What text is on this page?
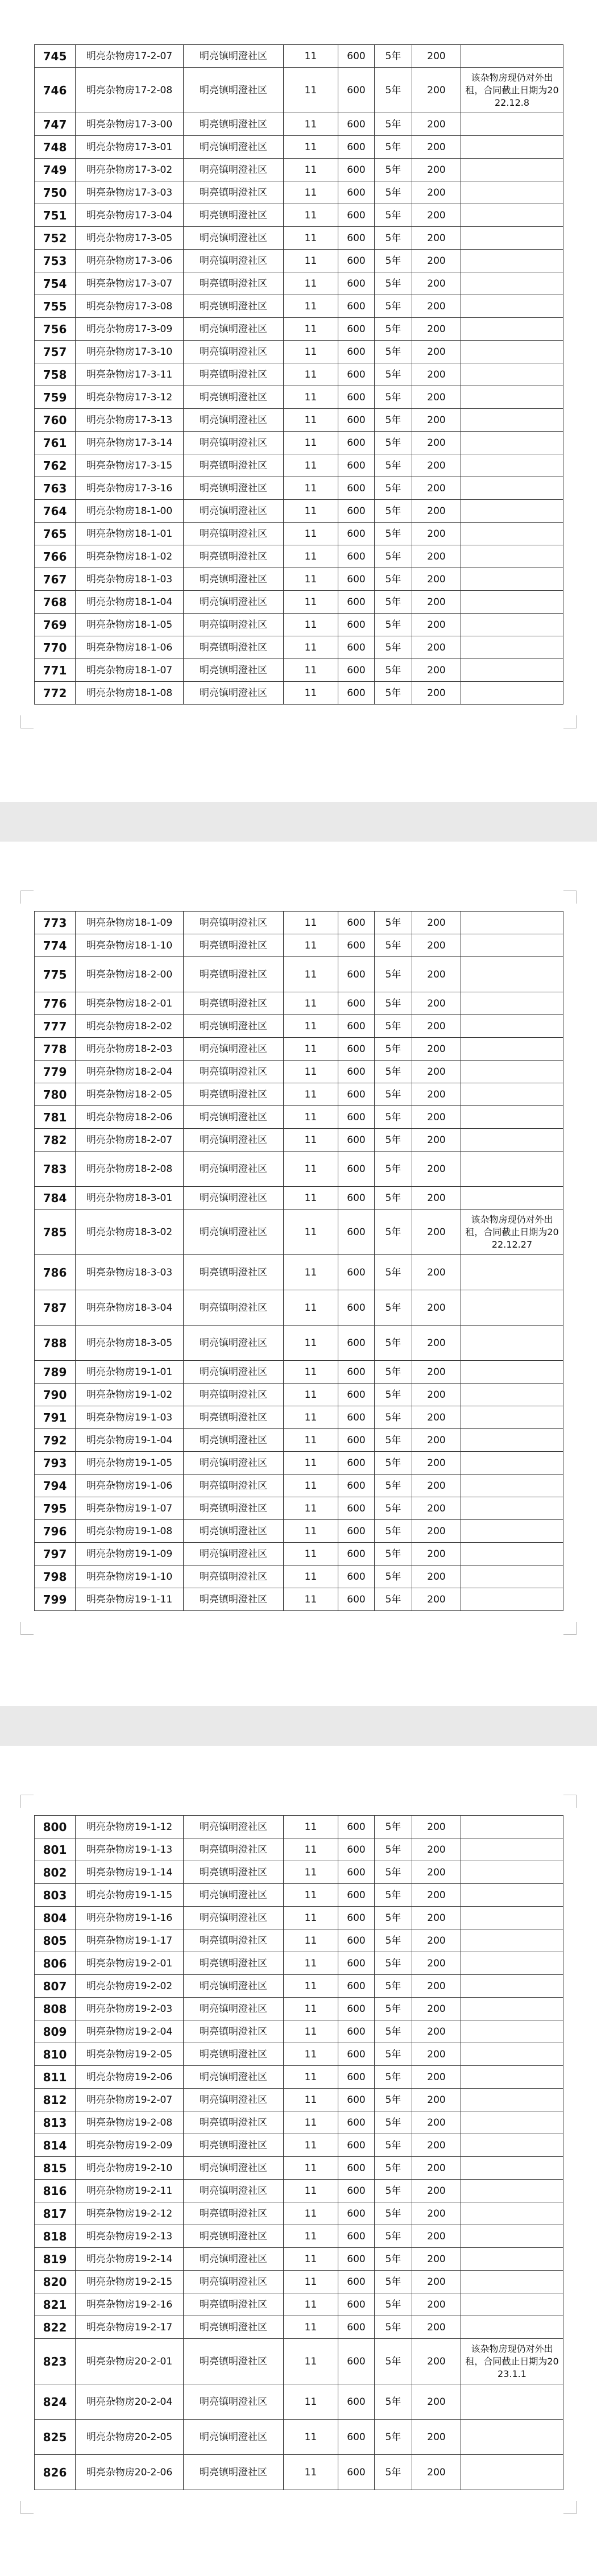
745	明亮杂物房17-2-07	明亮镇明澄社区	11	600	5年	200	
746	明亮杂物房17-2-08	明亮镇明澄社区	11	600	5年	200	该杂物房现仍对外出租，合同截止日期为2022.12.8
747	明亮杂物房17-3-00	明亮镇明澄社区	11	600	5年	200	
748	明亮杂物房17-3-01	明亮镇明澄社区	11	600	5年	200	
749	明亮杂物房17-3-02	明亮镇明澄社区	11	600	5年	200	
750	明亮杂物房17-3-03	明亮镇明澄社区	11	600	5年	200	
751	明亮杂物房17-3-04	明亮镇明澄社区	11	600	5年	200	
752	明亮杂物房17-3-05	明亮镇明澄社区	11	600	5年	200	
753	明亮杂物房17-3-06	明亮镇明澄社区	11	600	5年	200	
754	明亮杂物房17-3-07	明亮镇明澄社区	11	600	5年	200	
755	明亮杂物房17-3-08	明亮镇明澄社区	11	600	5年	200	
756	明亮杂物房17-3-09	明亮镇明澄社区	11	600	5年	200	
757	明亮杂物房17-3-10	明亮镇明澄社区	11	600	5年	200	
758	明亮杂物房17-3-11	明亮镇明澄社区	11	600	5年	200	
759	明亮杂物房17-3-12	明亮镇明澄社区	11	600	5年	200	
760	明亮杂物房17-3-13	明亮镇明澄社区	11	600	5年	200	
761	明亮杂物房17-3-14	明亮镇明澄社区	11	600	5年	200	
762	明亮杂物房17-3-15	明亮镇明澄社区	11	600	5年	200	
763	明亮杂物房17-3-16	明亮镇明澄社区	11	600	5年	200	
764	明亮杂物房18-1-00	明亮镇明澄社区	11	600	5年	200	
765	明亮杂物房18-1-01	明亮镇明澄社区	11	600	5年	200	
766	明亮杂物房18-1-02	明亮镇明澄社区	11	600	5年	200	
767	明亮杂物房18-1-03	明亮镇明澄社区	11	600	5年	200	
768	明亮杂物房18-1-04	明亮镇明澄社区	11	600	5年	200	
769	明亮杂物房18-1-05	明亮镇明澄社区	11	600	5年	200	
770	明亮杂物房18-1-06	明亮镇明澄社区	11	600	5年	200	
771	明亮杂物房18-1-07	明亮镇明澄社区	11	600	5年	200	
772	明亮杂物房18-1-08	明亮镇明澄社区	11	600	5年	200	
773	明亮杂物房18-1-09	明亮镇明澄社区	11	600	5年	200	
774	明亮杂物房18-1-10	明亮镇明澄社区	11	600	5年	200	
775	明亮杂物房18-2-00	明亮镇明澄社区	11	600	5年	200	
776	明亮杂物房18-2-01	明亮镇明澄社区	11	600	5年	200	
777	明亮杂物房18-2-02	明亮镇明澄社区	11	600	5年	200	
778	明亮杂物房18-2-03	明亮镇明澄社区	11	600	5年	200	
779	明亮杂物房18-2-04	明亮镇明澄社区	11	600	5年	200	
780	明亮杂物房18-2-05	明亮镇明澄社区	11	600	5年	200	
781	明亮杂物房18-2-06	明亮镇明澄社区	11	600	5年	200	
782	明亮杂物房18-2-07	明亮镇明澄社区	11	600	5年	200	
783	明亮杂物房18-2-08	明亮镇明澄社区	11	600	5年	200	
784	明亮杂物房18-3-01	明亮镇明澄社区	11	600	5年	200	
785	明亮杂物房18-3-02	明亮镇明澄社区	11	600	5年	200	该杂物房现仍对外出租，合同截止日期为2022.12.27
786	明亮杂物房18-3-03	明亮镇明澄社区	11	600	5年	200	
787	明亮杂物房18-3-04	明亮镇明澄社区	11	600	5年	200	
788	明亮杂物房18-3-05	明亮镇明澄社区	11	600	5年	200	
789	明亮杂物房19-1-01	明亮镇明澄社区	11	600	5年	200	
790	明亮杂物房19-1-02	明亮镇明澄社区	11	600	5年	200	
791	明亮杂物房19-1-03	明亮镇明澄社区	11	600	5年	200	
792	明亮杂物房19-1-04	明亮镇明澄社区	11	600	5年	200	
793	明亮杂物房19-1-05	明亮镇明澄社区	11	600	5年	200	
794	明亮杂物房19-1-06	明亮镇明澄社区	11	600	5年	200	
795	明亮杂物房19-1-07	明亮镇明澄社区	11	600	5年	200	
796	明亮杂物房19-1-08	明亮镇明澄社区	11	600	5年	200	
797	明亮杂物房19-1-09	明亮镇明澄社区	11	600	5年	200	
798	明亮杂物房19-1-10	明亮镇明澄社区	11	600	5年	200	
799	明亮杂物房19-1-11	明亮镇明澄社区	11	600	5年	200	
800	明亮杂物房19-1-12	明亮镇明澄社区	11	600	5年	200	
801	明亮杂物房19-1-13	明亮镇明澄社区	11	600	5年	200	
802	明亮杂物房19-1-14	明亮镇明澄社区	11	600	5年	200	
803	明亮杂物房19-1-15	明亮镇明澄社区	11	600	5年	200	
804	明亮杂物房19-1-16	明亮镇明澄社区	11	600	5年	200	
805	明亮杂物房19-1-17	明亮镇明澄社区	11	600	5年	200	
806	明亮杂物房19-2-01	明亮镇明澄社区	11	600	5年	200	
807	明亮杂物房19-2-02	明亮镇明澄社区	11	600	5年	200	
808	明亮杂物房19-2-03	明亮镇明澄社区	11	600	5年	200	
809	明亮杂物房19-2-04	明亮镇明澄社区	11	600	5年	200	
810	明亮杂物房19-2-05	明亮镇明澄社区	11	600	5年	200	
811	明亮杂物房19-2-06	明亮镇明澄社区	11	600	5年	200	
812	明亮杂物房19-2-07	明亮镇明澄社区	11	600	5年	200	
813	明亮杂物房19-2-08	明亮镇明澄社区	11	600	5年	200	
814	明亮杂物房19-2-09	明亮镇明澄社区	11	600	5年	200	
815	明亮杂物房19-2-10	明亮镇明澄社区	11	600	5年	200	
816	明亮杂物房19-2-11	明亮镇明澄社区	11	600	5年	200	
817	明亮杂物房19-2-12	明亮镇明澄社区	11	600	5年	200	
818	明亮杂物房19-2-13	明亮镇明澄社区	11	600	5年	200	
819	明亮杂物房19-2-14	明亮镇明澄社区	11	600	5年	200	
820	明亮杂物房19-2-15	明亮镇明澄社区	11	600	5年	200	
821	明亮杂物房19-2-16	明亮镇明澄社区	11	600	5年	200	
822	明亮杂物房19-2-17	明亮镇明澄社区	11	600	5年	200	
823	明亮杂物房20-2-01	明亮镇明澄社区	11	600	5年	200	该杂物房现仍对外出租，合同截止日期为2023.1.1
824	明亮杂物房20-2-04	明亮镇明澄社区	11	600	5年	200	
825	明亮杂物房20-2-05	明亮镇明澄社区	11	600	5年	200	
826	明亮杂物房20-2-06	明亮镇明澄社区	11	600	5年	200	
